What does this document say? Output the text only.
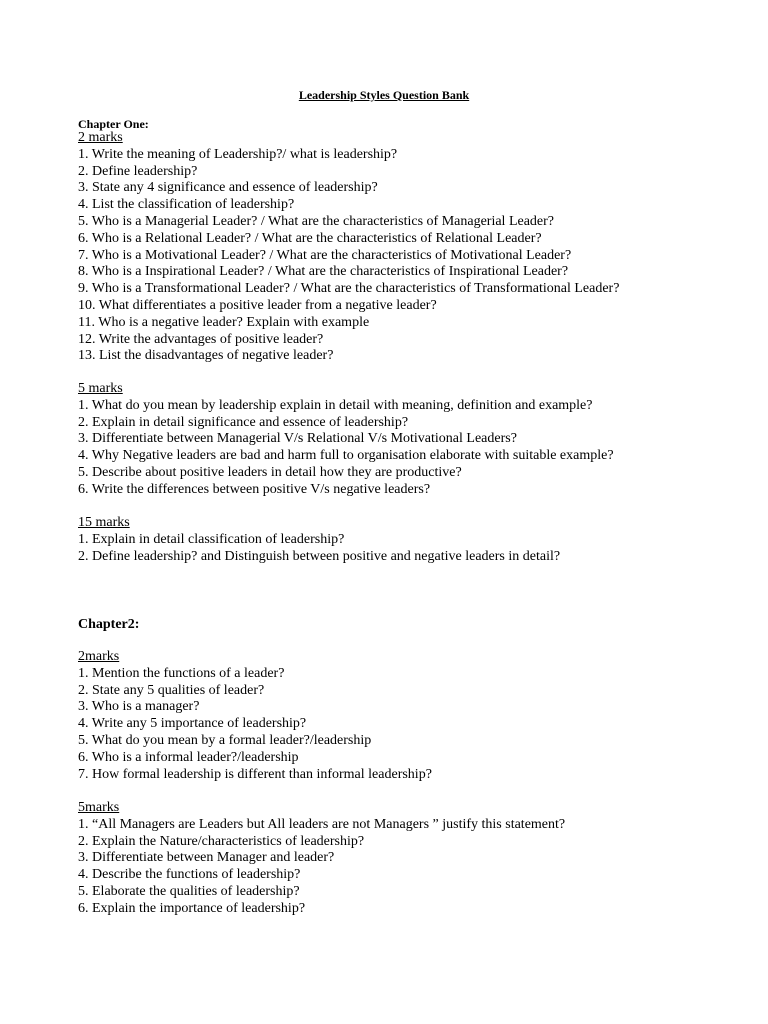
Leadership Styles Question Bank
Chapter One:
2 marks
1. Write the meaning of Leadership?/ what is leadership?
2. Define leadership?
3. State any 4 significance and essence of leadership?
4. List the classification of leadership?
5. Who is a Managerial Leader? / What are the characteristics of Managerial Leader?
6. Who is a Relational Leader? / What are the characteristics of Relational Leader?
7. Who is a Motivational Leader? / What are the characteristics of Motivational Leader?
8. Who is a Inspirational Leader? / What are the characteristics of Inspirational Leader?
9. Who is a Transformational Leader? / What are the characteristics of Transformational Leader?
10. What differentiates a positive leader from a negative leader?
11. Who is a negative leader? Explain with example
12. Write the advantages of positive leader?
13. List the disadvantages of negative leader?
5 marks
1. What do you mean by leadership explain in detail with meaning, definition and example?
2. Explain in detail significance and essence of leadership?
3. Differentiate between Managerial V/s Relational V/s Motivational Leaders?
4. Why Negative leaders are bad and harm full to organisation elaborate with suitable example?
5. Describe about positive leaders in detail how they are productive?
6. Write the differences between positive V/s negative leaders?
15 marks
1. Explain in detail classification of leadership?
2. Define leadership? and Distinguish between positive and negative leaders in detail?
Chapter2:
2marks
1. Mention the functions of a leader?
2. State any 5 qualities of leader?
3. Who is a manager?
4. Write any 5 importance of leadership?
5. What do you mean by a formal leader?/leadership
6. Who is a informal leader?/leadership
7. How formal leadership is different than informal leadership?
5marks
1. “All Managers are Leaders but All leaders are not Managers ” justify this statement?
2. Explain the Nature/characteristics of leadership?
3. Differentiate between Manager and leader?
4. Describe the functions of leadership?
5. Elaborate the qualities of leadership?
6. Explain the importance of leadership?
